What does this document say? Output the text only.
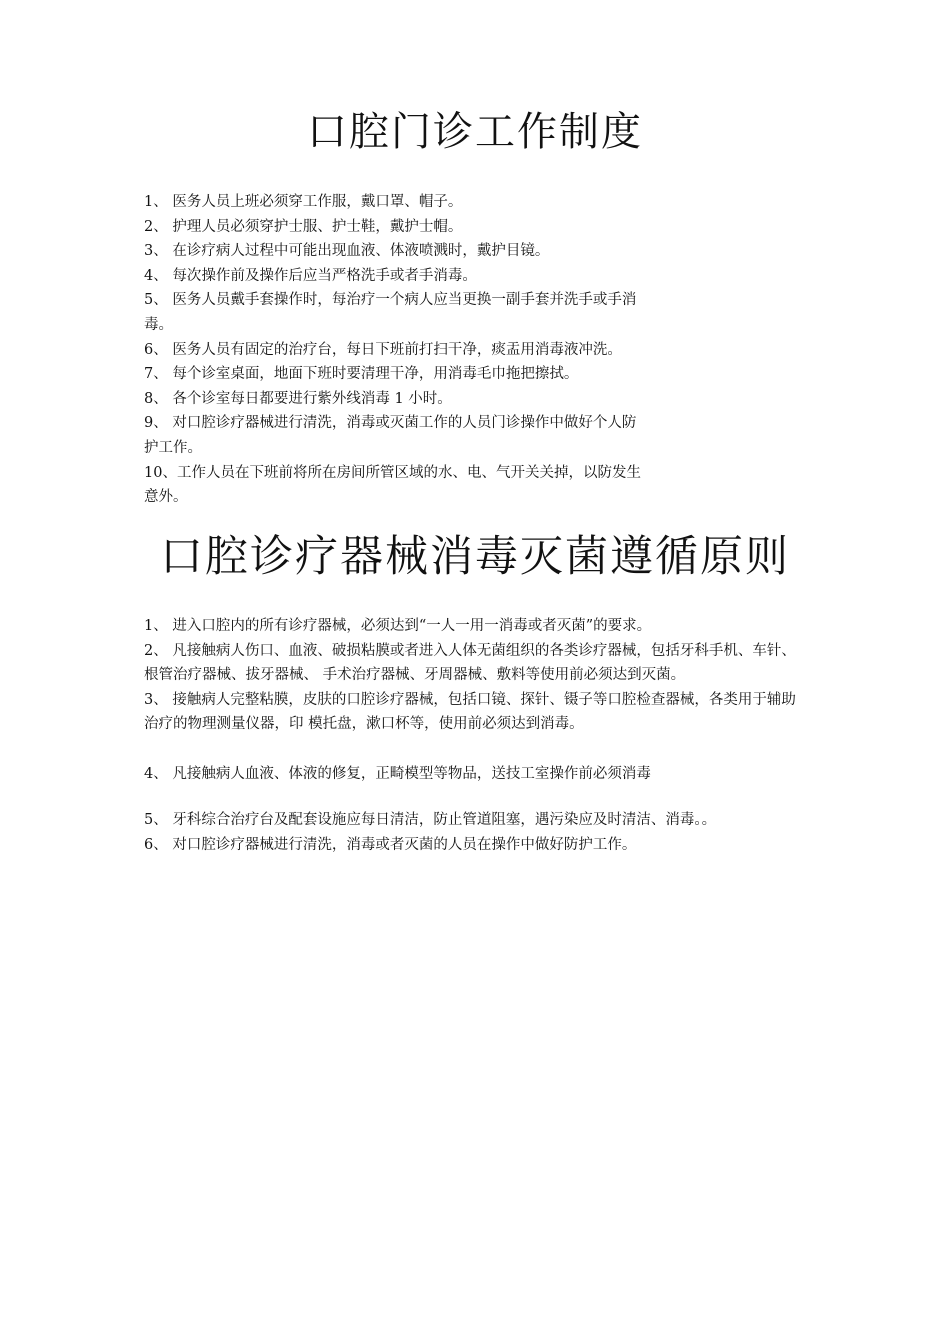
口腔门诊工作制度
1、 医务人员上班必须穿工作服，戴口罩、帽子。
2、 护理人员必须穿护士服、护士鞋，戴护士帽。
3、 在诊疗病人过程中可能出现血液、体液喷溅时，戴护目镜。
4、 每次操作前及操作后应当严格洗手或者手消毒。
5、 医务人员戴手套操作时，每治疗一个病人应当更换一副手套并洗手或手消毒。
6、 医务人员有固定的治疗台，每日下班前打扫干净，痰盂用消毒液冲洗。
7、 每个诊室桌面，地面下班时要清理干净，用消毒毛巾拖把擦拭。
8、 各个诊室每日都要进行紫外线消毒 1 小时。
9、 对口腔诊疗器械进行清洗，消毒或灭菌工作的人员门诊操作中做好个人防护工作。
10、工作人员在下班前将所在房间所管区域的水、电、气开关关掉，以防发生意外。
口腔诊疗器械消毒灭菌遵循原则
1、 进入口腔内的所有诊疗器械，必须达到“一人一用一消毒或者灭菌”的要求。
2、 凡接触病人伤口、血液、破损粘膜或者进入人体无菌组织的各类诊疗器械，包括牙科手机、车针、根管治疗器械、拔牙器械、 手术治疗器械、牙周器械、敷料等使用前必须达到灭菌。
3、 接触病人完整粘膜，皮肤的口腔诊疗器械，包括口镜、探针、镊子等口腔检查器械，各类用于辅助治疗的物理测量仪器，印 模托盘，漱口杯等，使用前必须达到消毒。
4、 凡接触病人血液、体液的修复，正畸模型等物品，送技工室操作前必须消毒
5、 牙科综合治疗台及配套设施应每日清洁，防止管道阻塞，遇污染应及时清洁、消毒。。
6、 对口腔诊疗器械进行清洗，消毒或者灭菌的人员在操作中做好防护工作。
